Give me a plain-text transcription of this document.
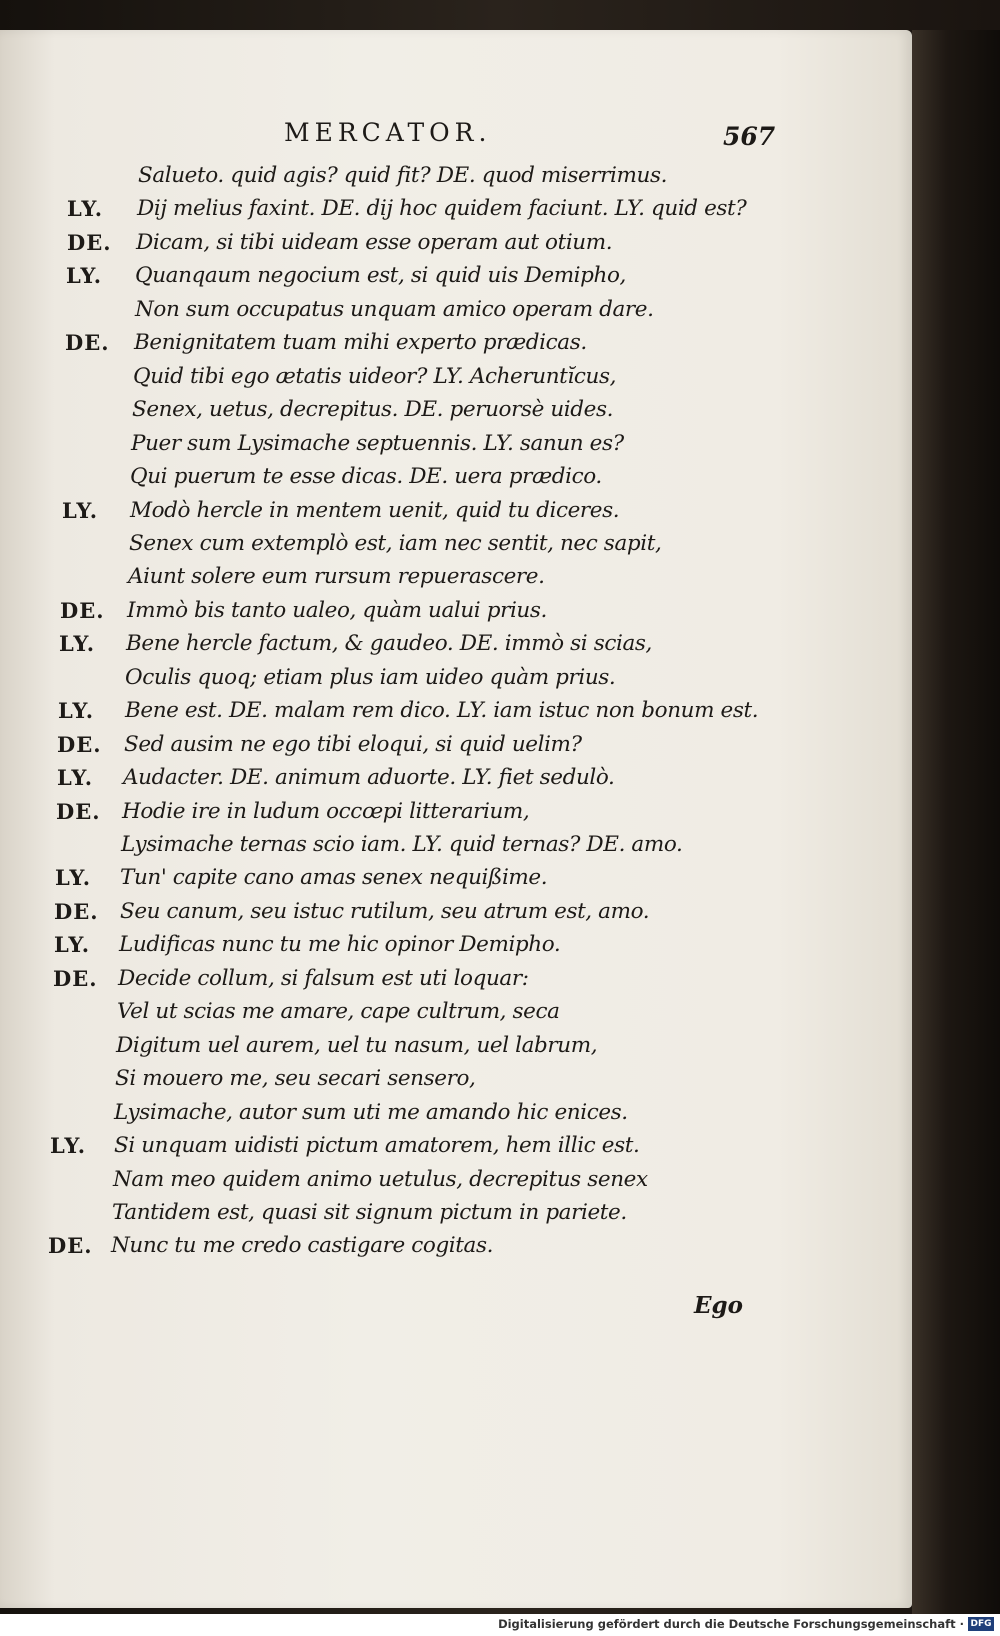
MERCATOR.	567
Salueto. quid agis? quid fit? DE. quod miserrimus.
LY. Dij melius faxint. DE. dij hoc quidem faciunt. LY. quid est?
DE. Dicam, si tibi uideam esse operam aut otium.
LY. Quanqaum negocium est, si quid uis Demipho,
Non sum occupatus unquam amico operam dare.
DE. Benignitatem tuam mihi experto prædicas.
Quid tibi ego ætatis uideor? LY. Acheruntĭcus,
Senex, uetus, decrepitus. DE. peruorsè uides.
Puer sum Lysimache septuennis. LY. sanun es?
Qui puerum te esse dicas. DE. uera prædico.
LY. Modò hercle in mentem uenit, quid tu diceres.
Senex cum extemplò est, iam nec sentit, nec sapit,
Aiunt solere eum rursum repuerascere.
DE. Immò bis tanto ualeo, quàm ualui prius.
LY. Bene hercle factum, & gaudeo. DE. immò si scias,
Oculis quoq; etiam plus iam uideo quàm prius.
LY. Bene est. DE. malam rem dico. LY. iam istuc non bonum est.
DE. Sed ausim ne ego tibi eloqui, si quid uelim?
LY. Audacter. DE. animum aduorte. LY. fiet sedulò.
DE. Hodie ire in ludum occœpi litterarium,
Lysimache ternas scio iam. LY. quid ternas? DE. amo.
LY. Tun' capite cano amas senex nequißime.
DE. Seu canum, seu istuc rutilum, seu atrum est, amo.
LY. Ludificas nunc tu me hic opinor Demipho.
DE. Decide collum, si falsum est uti loquar:
Vel ut scias me amare, cape cultrum, seca
Digitum uel aurem, uel tu nasum, uel labrum,
Si mouero me, seu secari sensero,
Lysimache, autor sum uti me amando hic enices.
LY. Si unquam uidisti pictum amatorem, hem illic est.
Nam meo quidem animo uetulus, decrepitus senex
Tantidem est, quasi sit signum pictum in pariete.
DE. Nunc tu me credo castigare cogitas.
Ego
Digitalisierung gefördert durch die Deutsche Forschungsgemeinschaft · DFG
